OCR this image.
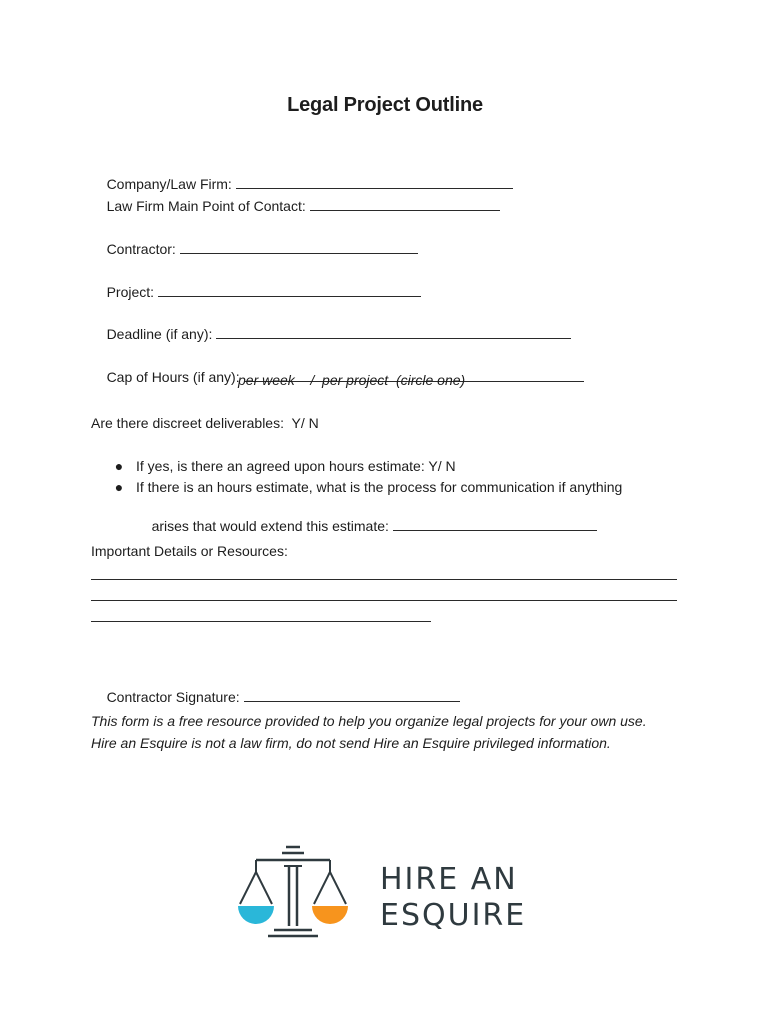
Legal Project Outline

Company/Law Firm:

Law Firm Main Point of Contact:

Contractor:

Project:

Deadline (if any):

Cap of Hours (if any):

per week    /  per project  (circle one)
Are there discreet deliverables:  Y/ N
● If yes, is there an agreed upon hours estimate: Y/ N
● If there is an hours estimate, what is the process for communication if anything

arises that would extend this estimate:

Important Details or Resources:

Contractor Signature:

This form is a free resource provided to help you organize legal projects for your own use.
Hire an Esquire is not a law firm, do not send Hire an Esquire privileged information.
HIRE AN
ESQUIRE
